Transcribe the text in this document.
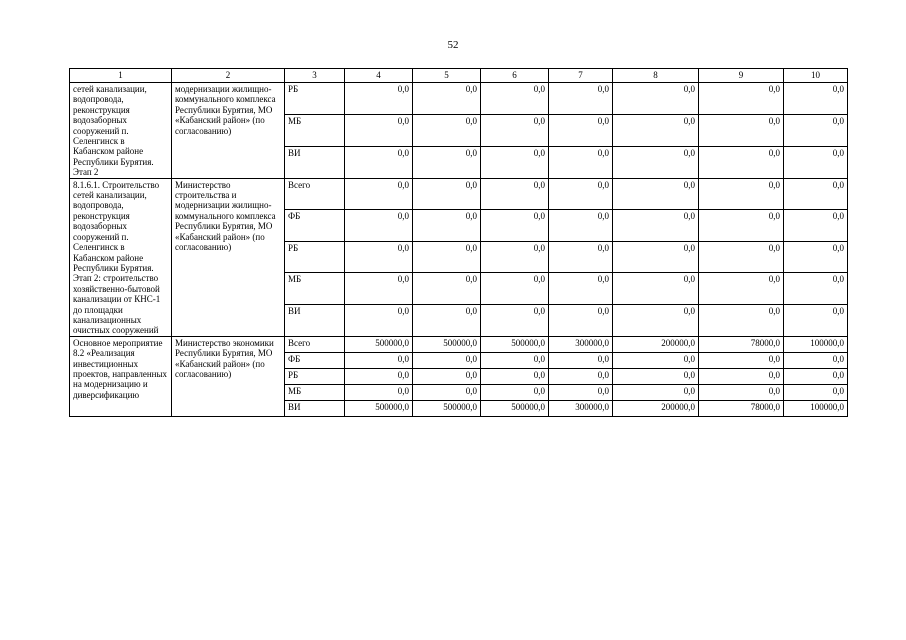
52
1	2	3	4	5	6	7	8	9	10
сетей канализации, водопровода, реконструкция водозаборных сооружений п. Селенгинск в Кабанском районе Республики Бурятия. Этап 2	модернизации жилищно-коммунального комплекса Республики Бурятия, МО «Кабанский район» (по согласованию)	РБ	0,0	0,0	0,0	0,0	0,0	0,0	0,0
		МБ	0,0	0,0	0,0	0,0	0,0	0,0	0,0
		ВИ	0,0	0,0	0,0	0,0	0,0	0,0	0,0
8.1.6.1. Строительство сетей канализации, водопровода, реконструкция водозаборных сооружений п. Селенгинск в Кабанском районе Республики Бурятия. Этап 2: строительство хозяйственно-бытовой канализации от КНС-1 до площадки канализационных очистных сооружений	Министерство строительства и модернизации жилищно-коммунального комплекса Республики Бурятия, МО «Кабанский район» (по согласованию)	Всего	0,0	0,0	0,0	0,0	0,0	0,0	0,0
		ФБ	0,0	0,0	0,0	0,0	0,0	0,0	0,0
		РБ	0,0	0,0	0,0	0,0	0,0	0,0	0,0
		МБ	0,0	0,0	0,0	0,0	0,0	0,0	0,0
		ВИ	0,0	0,0	0,0	0,0	0,0	0,0	0,0
Основное мероприятие 8.2 «Реализация инвестиционных проектов, направленных на модернизацию и диверсификацию	Министерство экономики Республики Бурятия, МО «Кабанский район» (по согласованию)	Всего	500000,0	500000,0	500000,0	300000,0	200000,0	78000,0	100000,0
		ФБ	0,0	0,0	0,0	0,0	0,0	0,0	0,0
		РБ	0,0	0,0	0,0	0,0	0,0	0,0	0,0
		МБ	0,0	0,0	0,0	0,0	0,0	0,0	0,0
		ВИ	500000,0	500000,0	500000,0	300000,0	200000,0	78000,0	100000,0
